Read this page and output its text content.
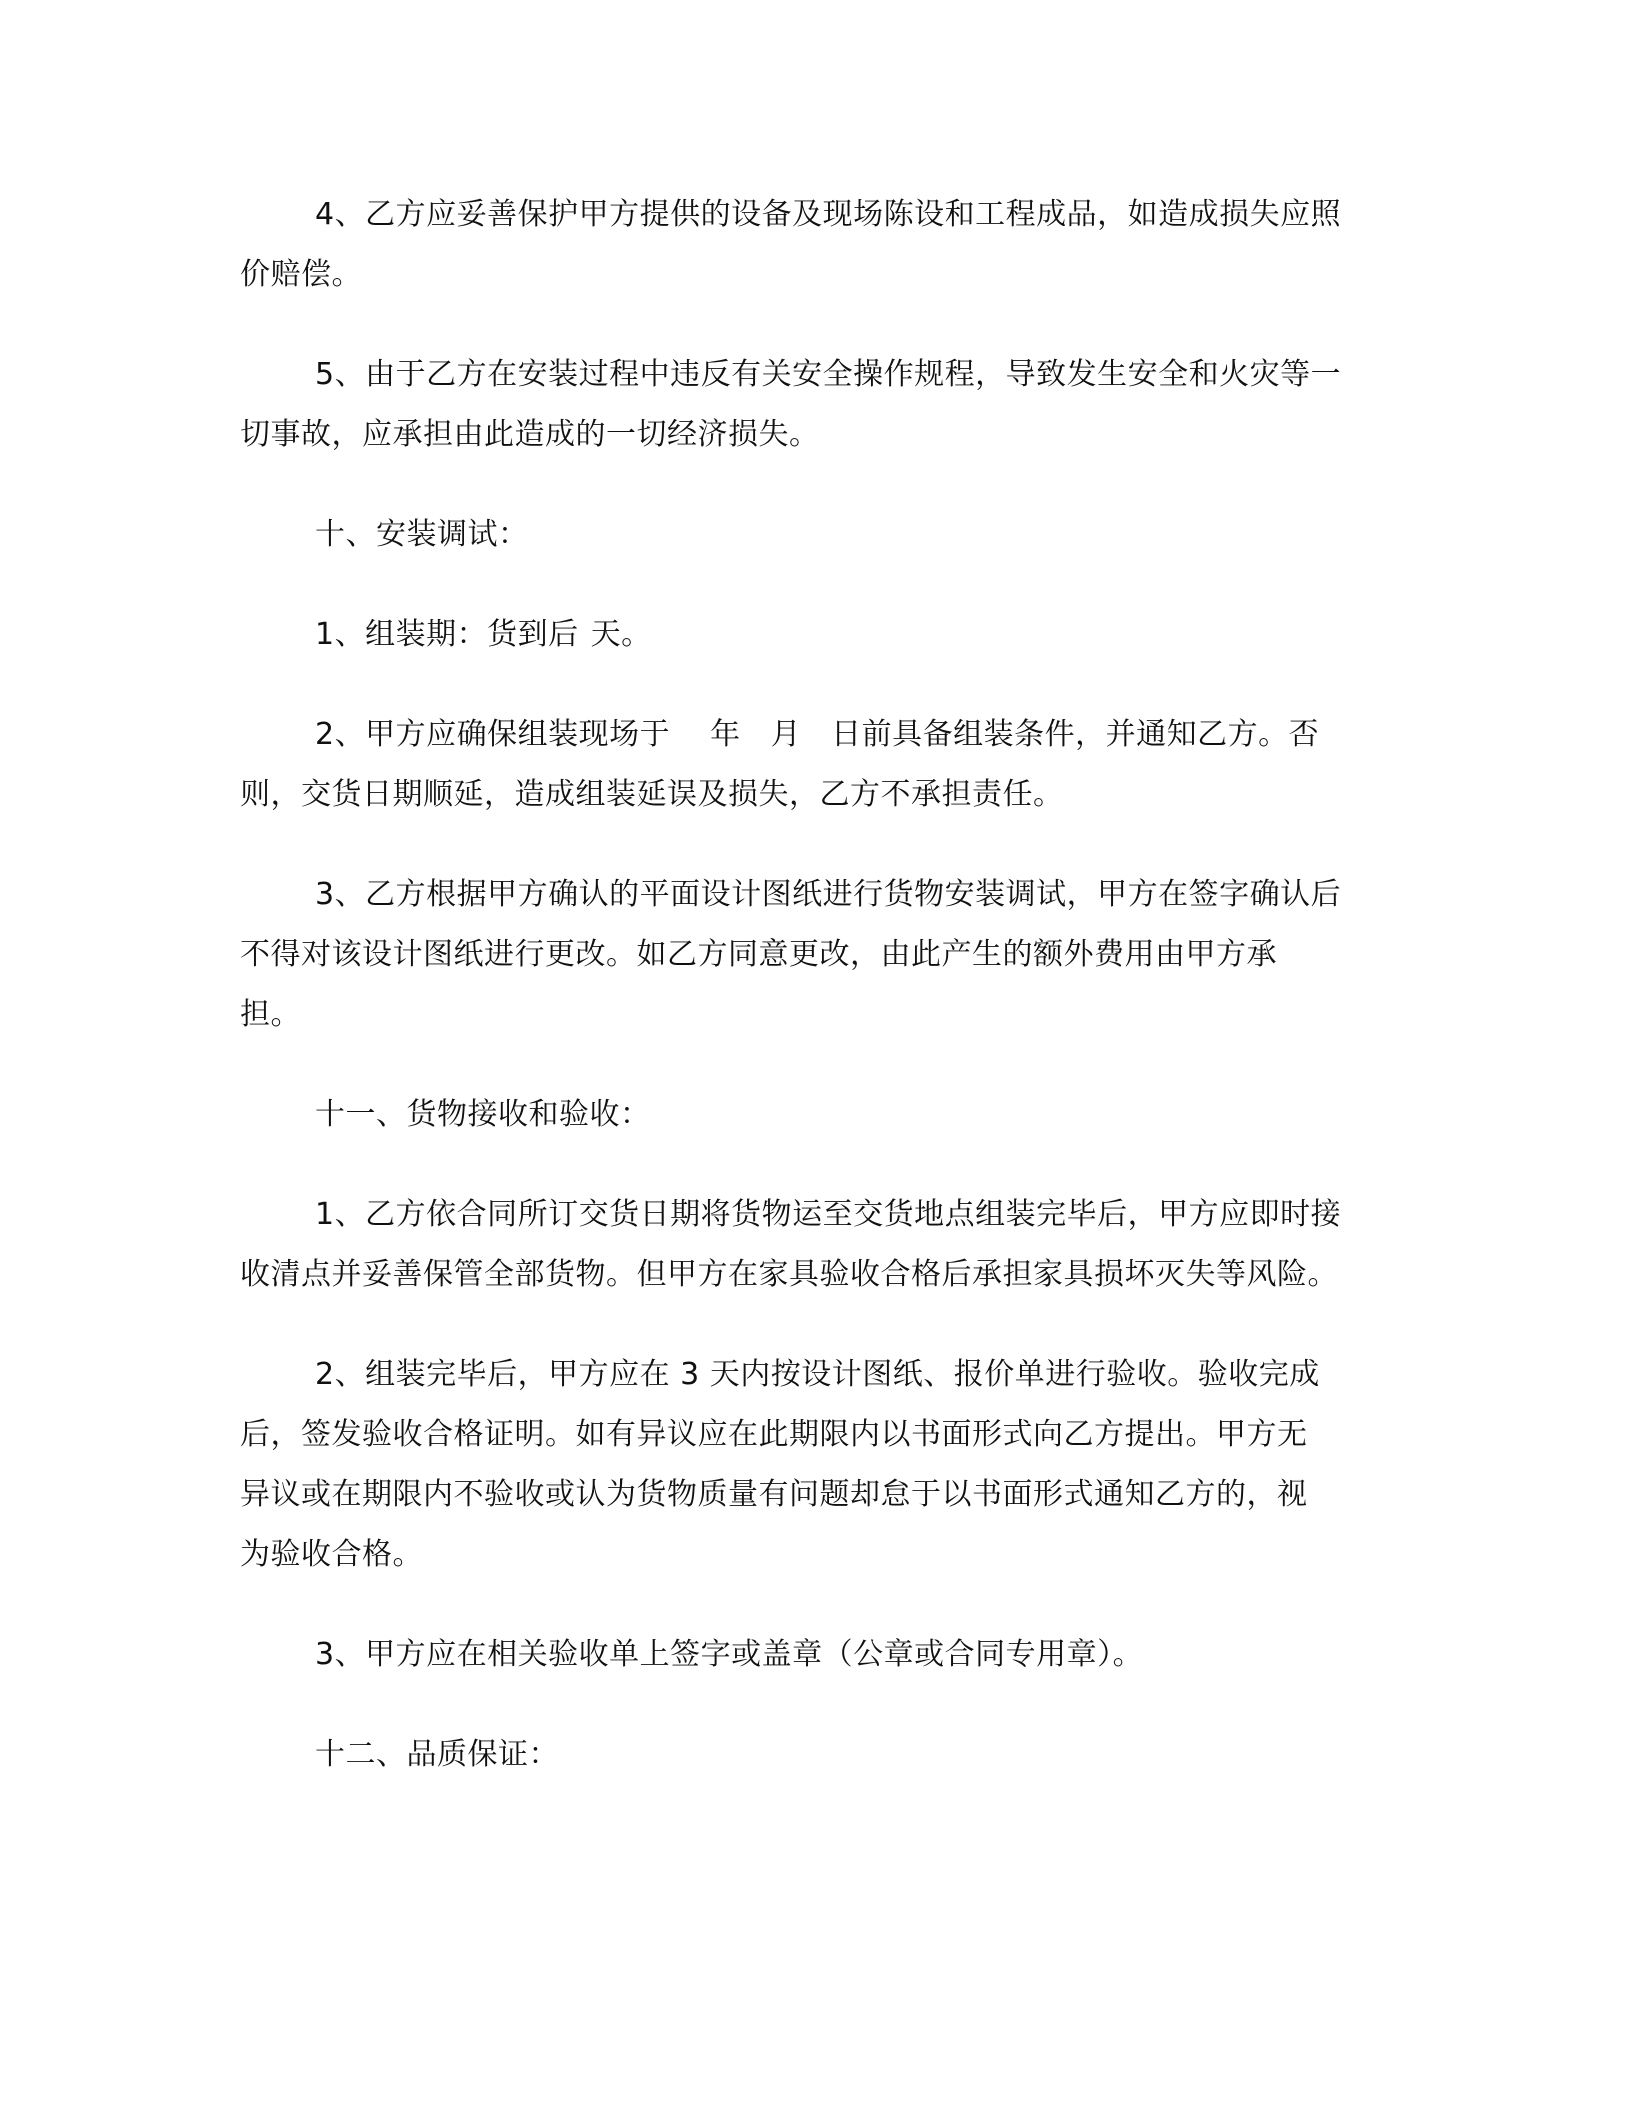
4、乙方应妥善保护甲方提供的设备及现场陈设和工程成品，如造成损失应照
价赔偿。
5、由于乙方在安装过程中违反有关安全操作规程，导致发生安全和火灾等一
切事故，应承担由此造成的一切经济损失。
十、安装调试：
1、组装期：货到后 天。
2、甲方应确保组装现场于 年 月 日前具备组装条件，并通知乙方。否
则，交货日期顺延，造成组装延误及损失，乙方不承担责任。
3、乙方根据甲方确认的平面设计图纸进行货物安装调试，甲方在签字确认后
不得对该设计图纸进行更改。如乙方同意更改，由此产生的额外费用由甲方承
担。
十一、货物接收和验收：
1、乙方依合同所订交货日期将货物运至交货地点组装完毕后，甲方应即时接
收清点并妥善保管全部货物。但甲方在家具验收合格后承担家具损坏灭失等风险。
2、组装完毕后，甲方应在 3 天内按设计图纸、报价单进行验收。验收完成
后，签发验收合格证明。如有异议应在此期限内以书面形式向乙方提出。甲方无
异议或在期限内不验收或认为货物质量有问题却怠于以书面形式通知乙方的，视
为验收合格。
3、甲方应在相关验收单上签字或盖章（公章或合同专用章）。
十二、品质保证：
